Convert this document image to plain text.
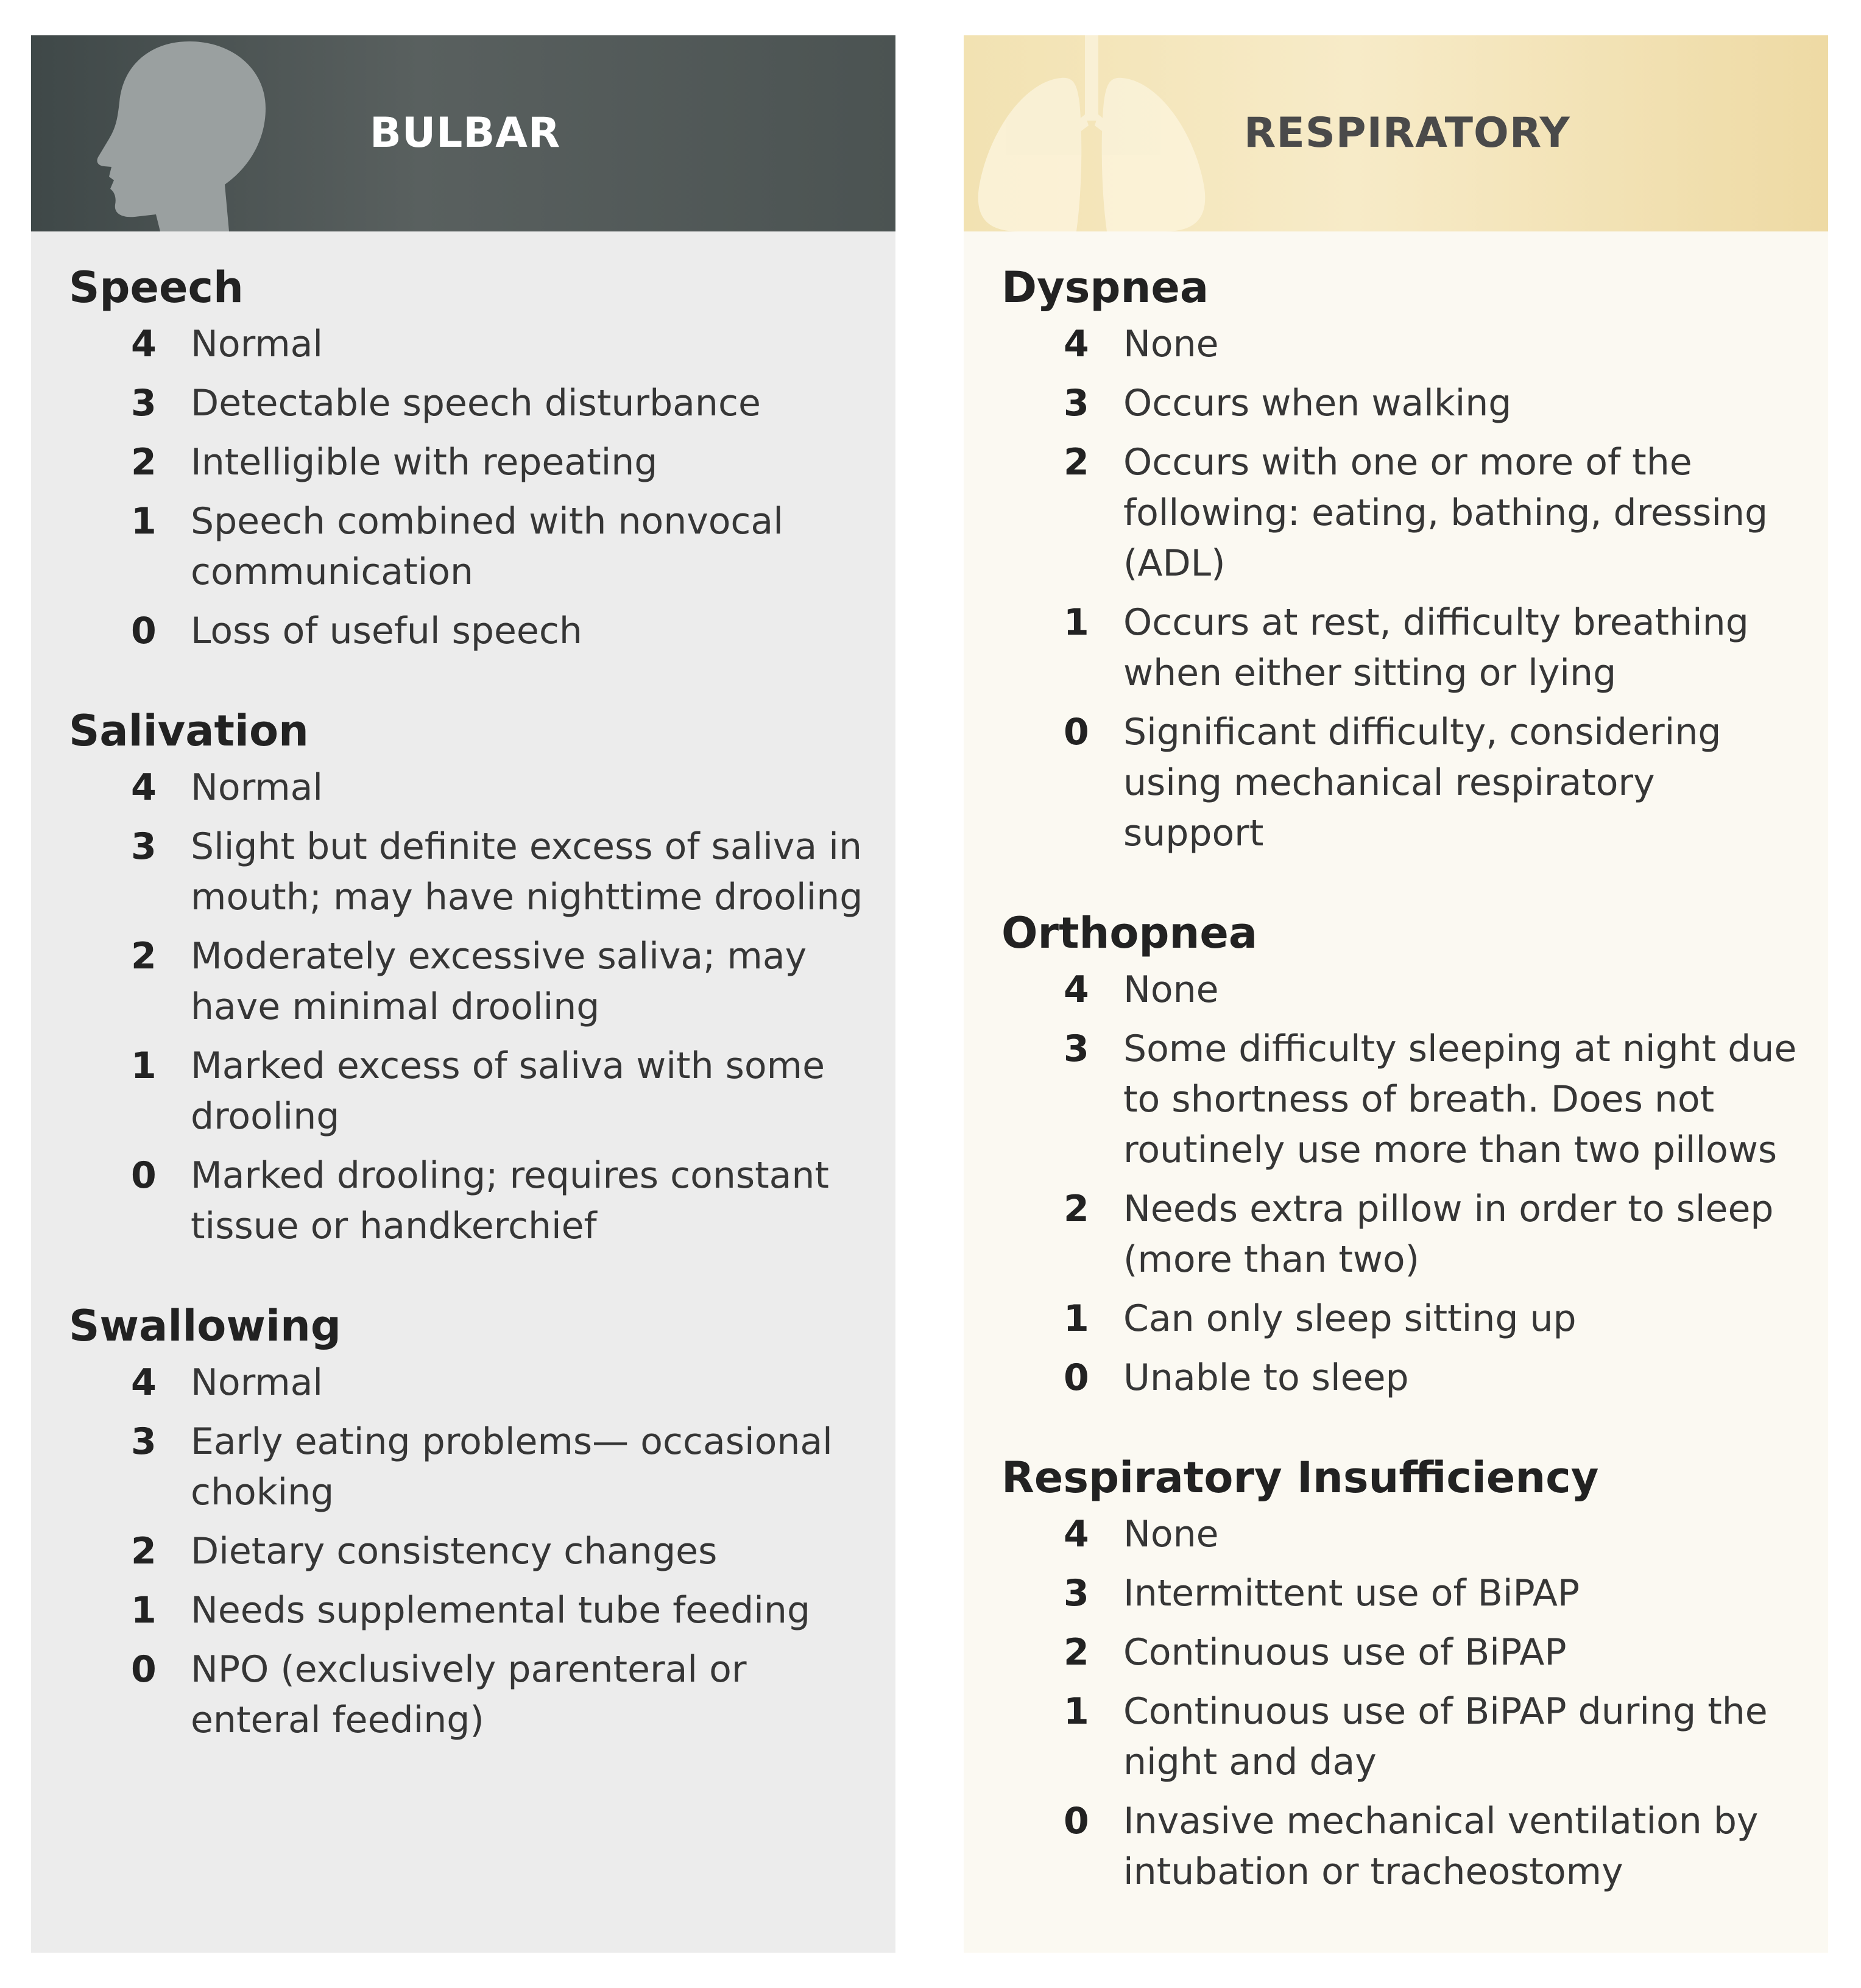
BULBAR
Speech
4 Normal
3 Detectable speech disturbance
2 Intelligible with repeating
1 Speech combined with nonvocal communication
0 Loss of useful speech
Salivation
4 Normal
3 Slight but definite excess of saliva in mouth; may have nighttime drooling
2 Moderately excessive saliva; may have minimal drooling
1 Marked excess of saliva with some drooling
0 Marked drooling; requires constant tissue or handkerchief
Swallowing
4 Normal
3 Early eating problems— occasional choking
2 Dietary consistency changes
1 Needs supplemental tube feeding
0 NPO (exclusively parenteral or enteral feeding)
RESPIRATORY
Dyspnea
4 None
3 Occurs when walking
2 Occurs with one or more of the following: eating, bathing, dressing (ADL)
1 Occurs at rest, difficulty breathing when either sitting or lying
0 Significant difficulty, considering using mechanical respiratory support
Orthopnea
4 None
3 Some difficulty sleeping at night due to shortness of breath. Does not routinely use more than two pillows
2 Needs extra pillow in order to sleep (more than two)
1 Can only sleep sitting up
0 Unable to sleep
Respiratory Insufficiency
4 None
3 Intermittent use of BiPAP
2 Continuous use of BiPAP
1 Continuous use of BiPAP during the night and day
0 Invasive mechanical ventilation by intubation or tracheostomy
